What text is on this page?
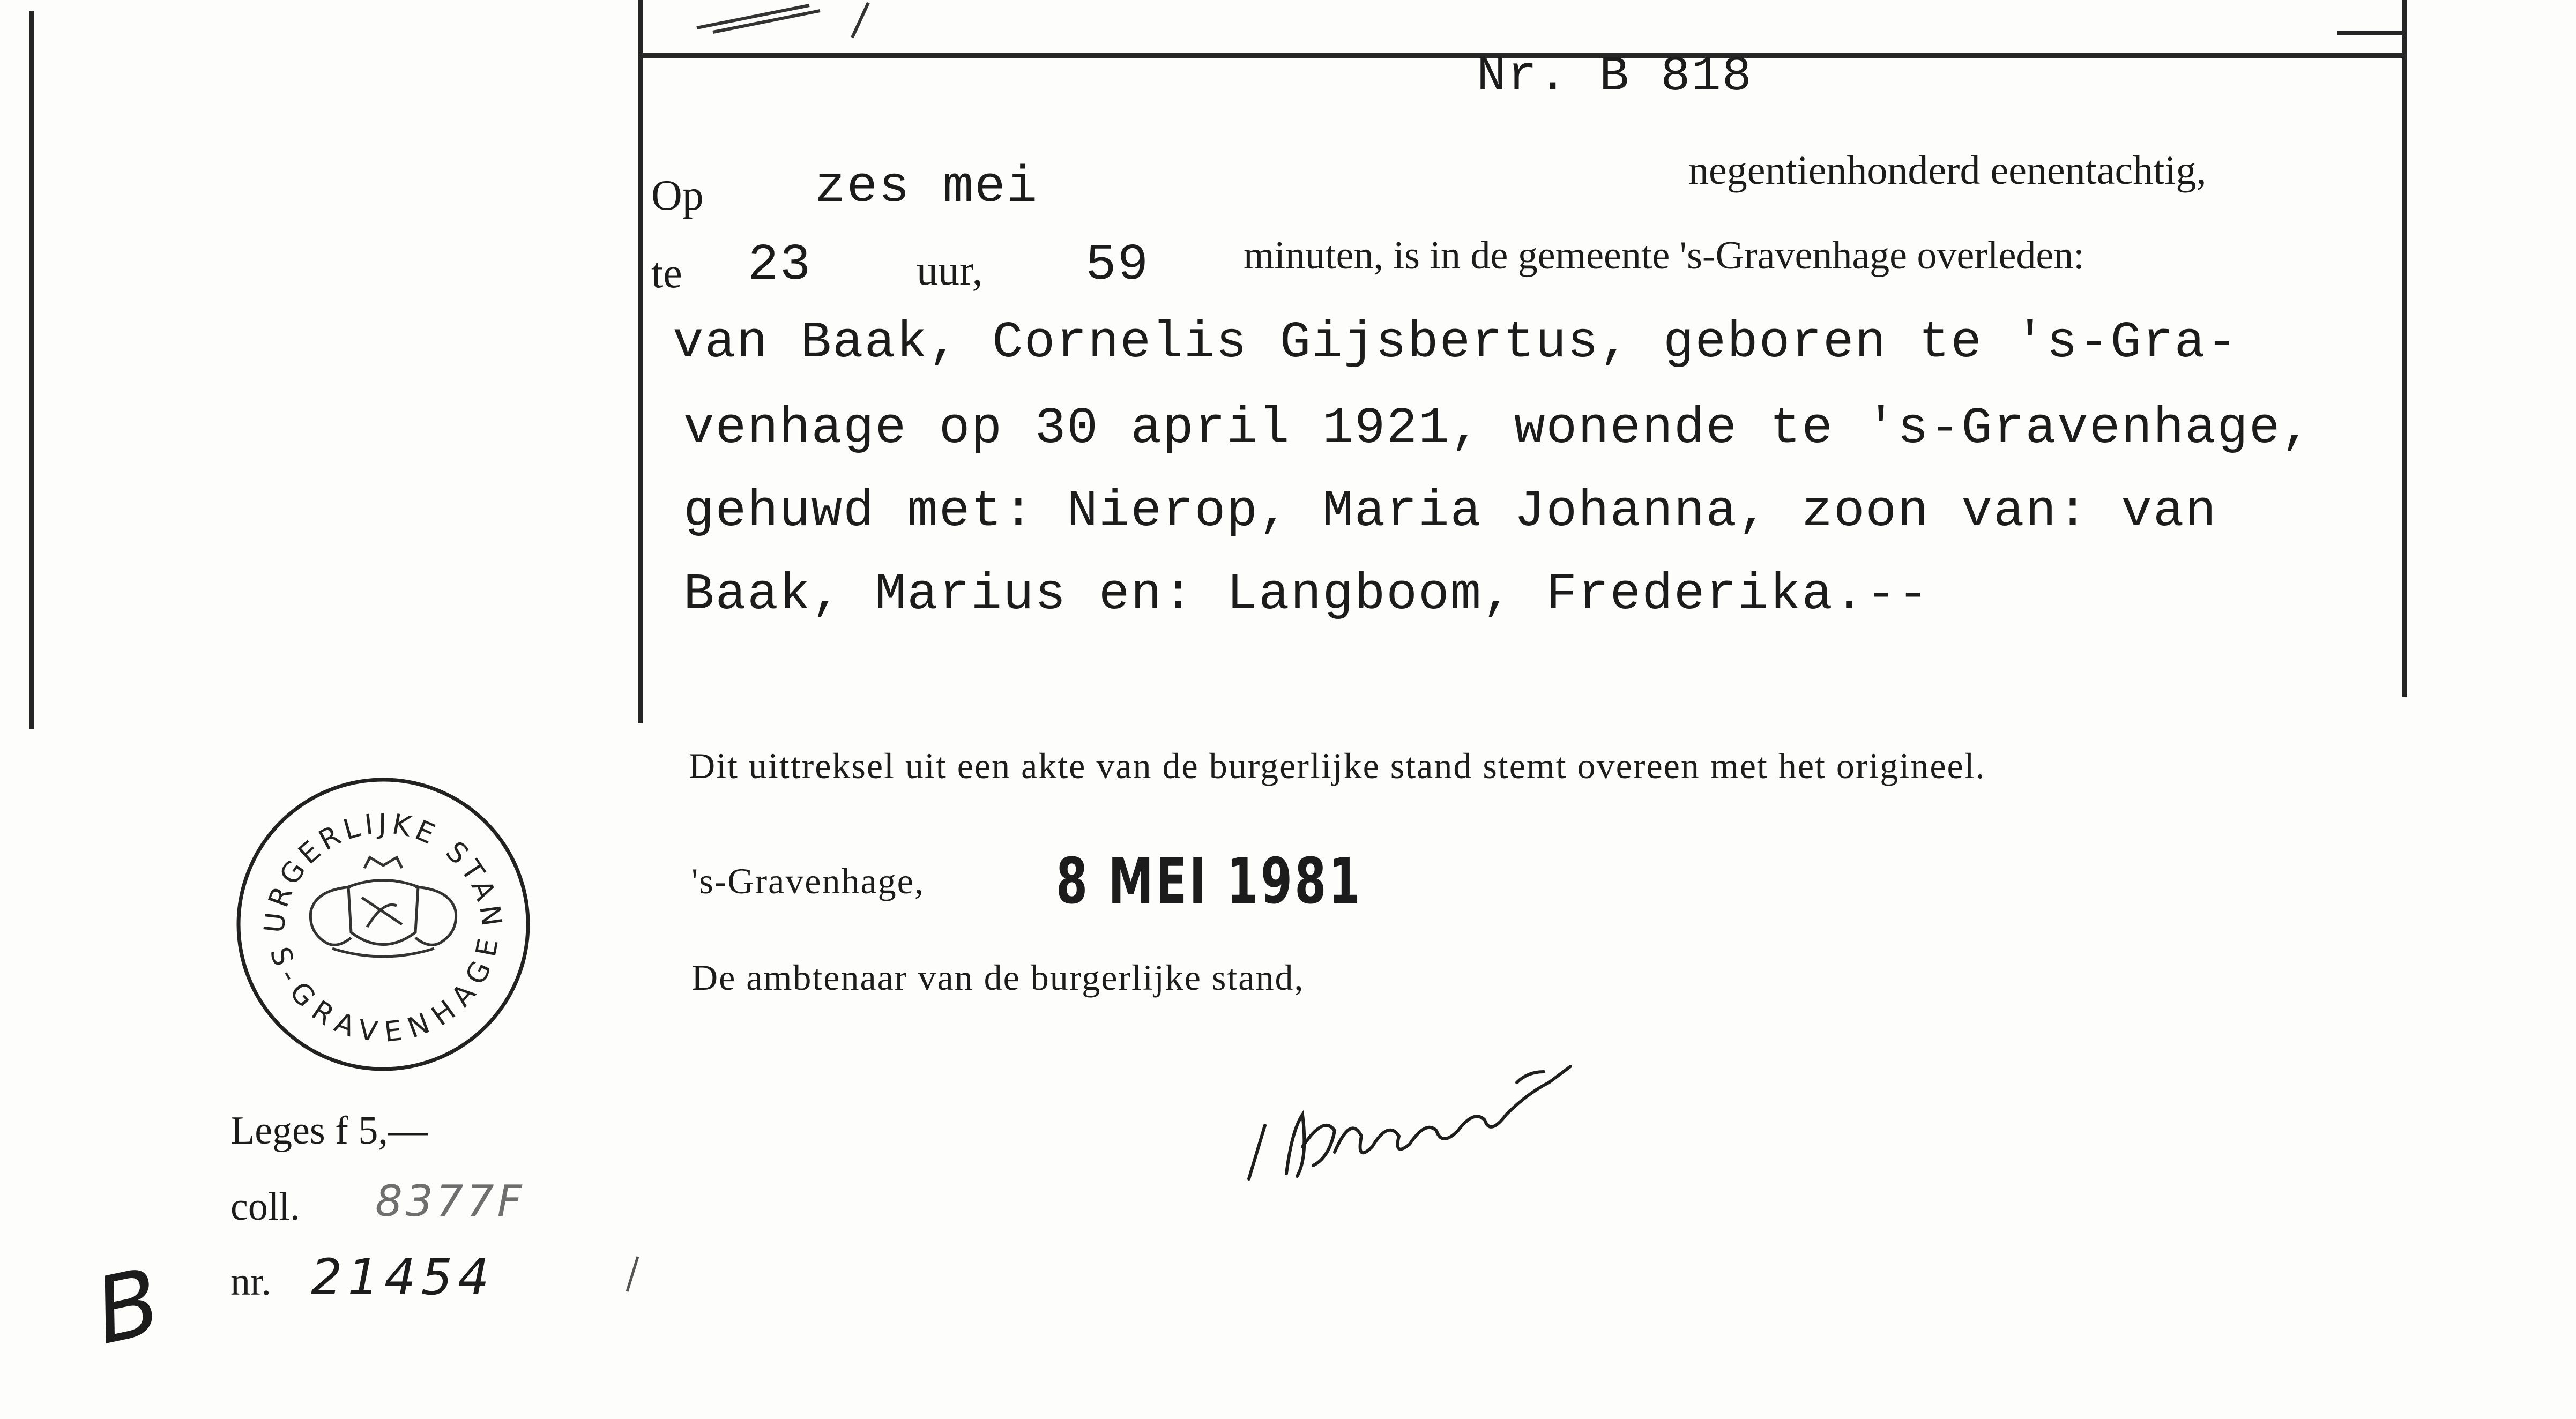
Nr. B 818
Op zes mei	negentienhonderd eenentachtig,
te 23 uur, 59 minuten, is in de gemeente 's-Gravenhage overleden:
van Baak, Cornelis Gijsbertus, geboren te 's-Gra-
venhage op 30 april 1921, wonende te 's-Gravenhage,
gehuwd met: Nierop, Maria Johanna, zoon van: van
Baak, Marius en: Langboom, Frederika.--
Dit uittreksel uit een akte van de burgerlijke stand stemt overeen met het origineel.
's-Gravenhage, 8 MEI 1981
De ambtenaar van de burgerlijke stand,
URGERLIJKE STAN
S-GRAVENHAGE
Leges f 5,—
coll. 8377F
nr. 21454
B
